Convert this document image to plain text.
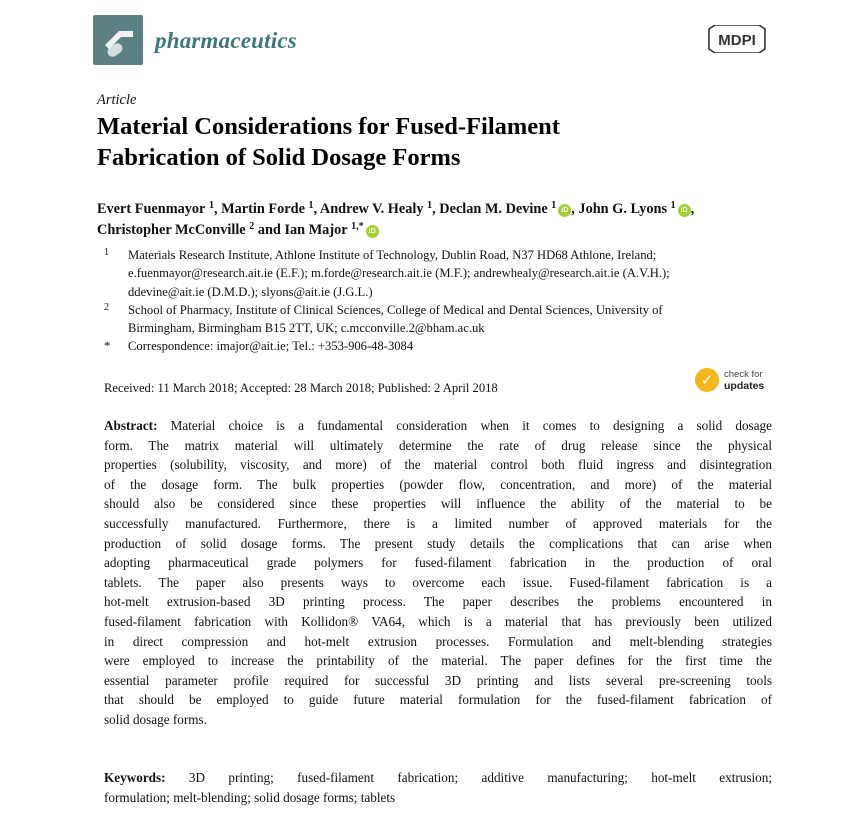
pharmaceutics	MDPI
Article
Material Considerations for Fused-Filament
Fabrication of Solid Dosage Forms
Evert Fuenmayor $^1$, Martin Forde $^1$, Andrew V. Healy $^1$, Declan M. Devine $^1$ iD , John G. Lyons $^1$ iD ,
Christopher McConville $^2$ and Ian Major $^{1,*}$ iD
1	Materials Research Institute, Athlone Institute of Technology, Dublin Road, N37 HD68 Athlone, Ireland;
e.fuenmayor@research.ait.ie (E.F.); m.forde@research.ait.ie (M.F.); andrewhealy@research.ait.ie (A.V.H.);
ddevine@ait.ie (D.M.D.); slyons@ait.ie (J.G.L.)
2	School of Pharmacy, Institute of Clinical Sciences, College of Medical and Dental Sciences, University of
Birmingham, Birmingham B15 2TT, UK; c.mcconville.2@bham.ac.uk
*	Correspondence: imajor@ait.ie; Tel.: +353-906-48-3084
Received: 11 March 2018; Accepted: 28 March 2018; Published: 2 April 2018	✓	check for
updates
Abstract: Material choice is a fundamental consideration when it comes to designing a solid dosage
form. The matrix material will ultimately determine the rate of drug release since the physical
properties (solubility, viscosity, and more) of the material control both fluid ingress and disintegration
of the dosage form. The bulk properties (powder flow, concentration, and more) of the material
should also be considered since these properties will influence the ability of the material to be
successfully manufactured. Furthermore, there is a limited number of approved materials for the
production of solid dosage forms. The present study details the complications that can arise when
adopting pharmaceutical grade polymers for fused-filament fabrication in the production of oral
tablets. The paper also presents ways to overcome each issue. Fused-filament fabrication is a
hot-melt extrusion-based 3D printing process. The paper describes the problems encountered in
fused-filament fabrication with Kollidon® VA64, which is a material that has previously been utilized
in direct compression and hot-melt extrusion processes. Formulation and melt-blending strategies
were employed to increase the printability of the material. The paper defines for the first time the
essential parameter profile required for successful 3D printing and lists several pre-screening tools
that should be employed to guide future material formulation for the fused-filament fabrication of
solid dosage forms.
Keywords: 3D printing; fused-filament fabrication; additive manufacturing; hot-melt extrusion;
formulation; melt-blending; solid dosage forms; tablets
